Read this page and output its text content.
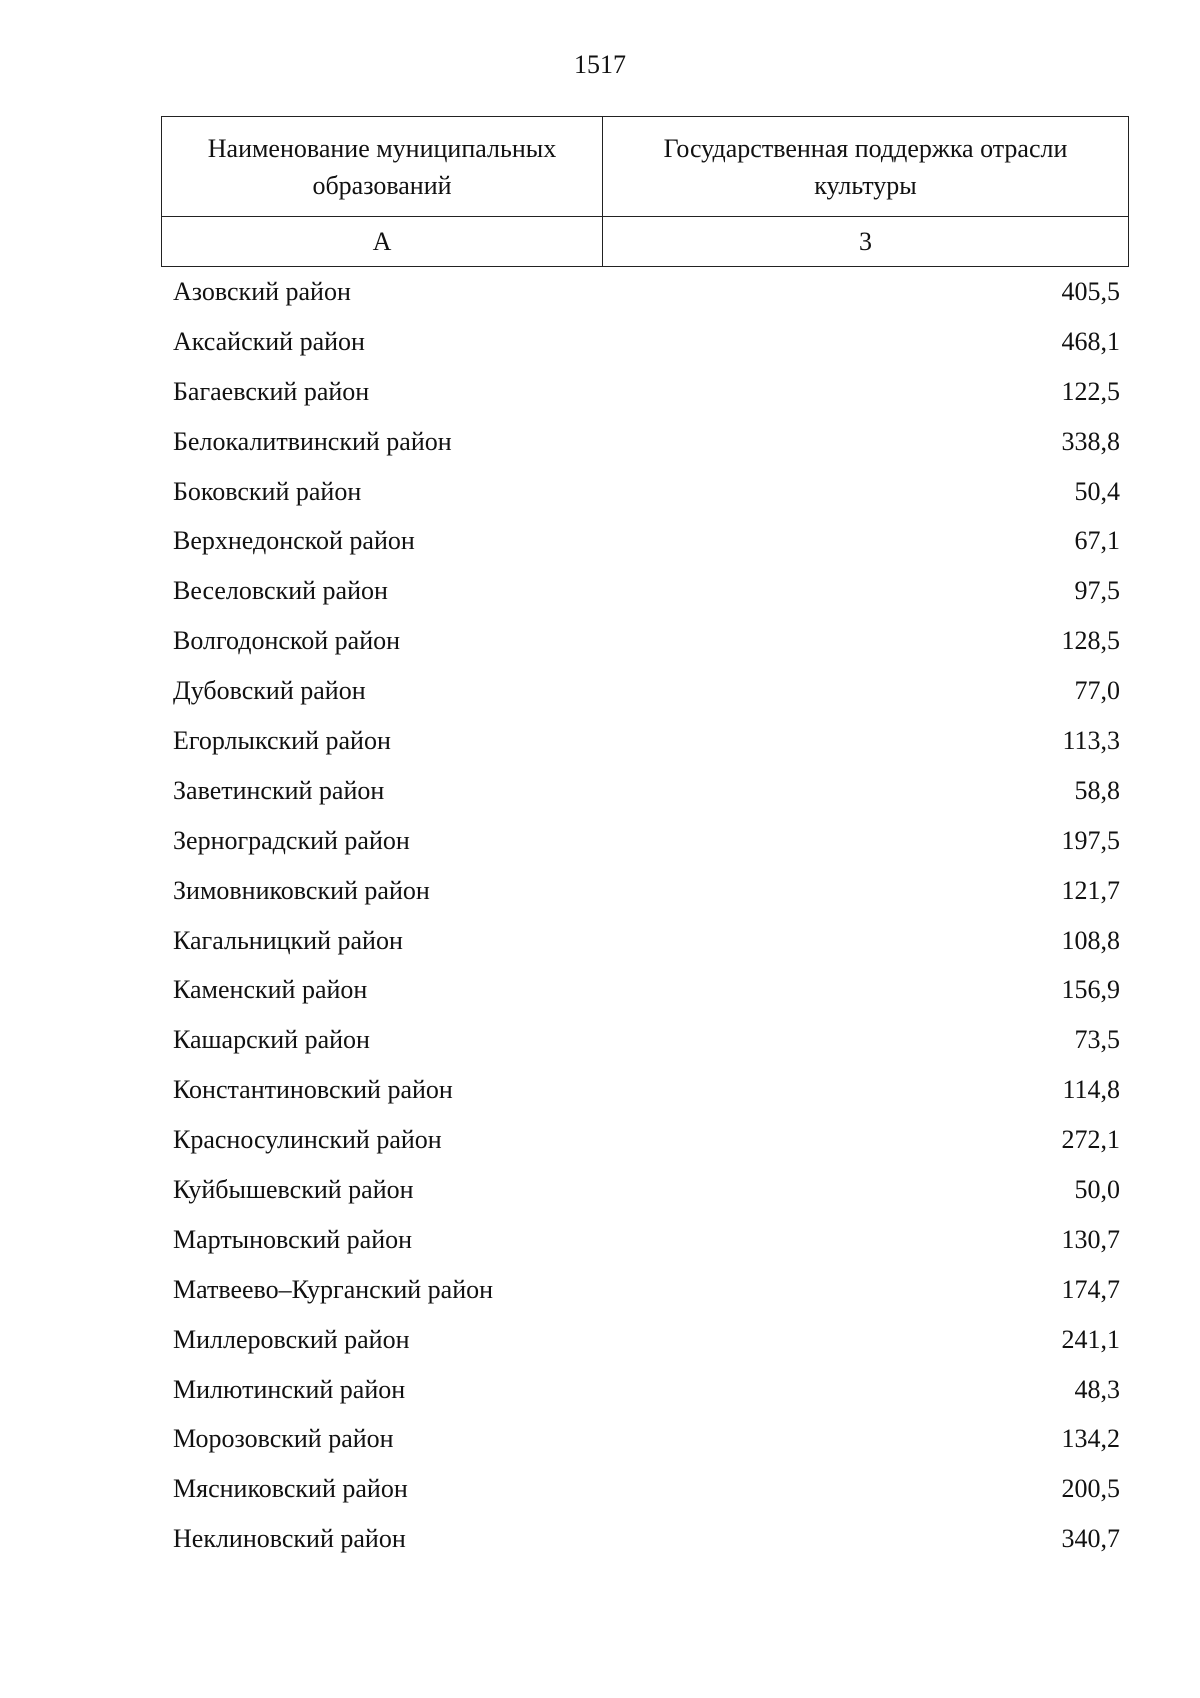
1517
Наименование муниципальных образований	Государственная поддержка отрасли культуры
А	3
Азовский район	405,5
Аксайский район	468,1
Багаевский район	122,5
Белокалитвинский район	338,8
Боковский район	50,4
Верхнедонской район	67,1
Веселовский район	97,5
Волгодонской район	128,5
Дубовский район	77,0
Егорлыкский район	113,3
Заветинский район	58,8
Зерноградский район	197,5
Зимовниковский район	121,7
Кагальницкий район	108,8
Каменский район	156,9
Кашарский район	73,5
Константиновский район	114,8
Красносулинский район	272,1
Куйбышевский район	50,0
Мартыновский район	130,7
Матвеево–Курганский район	174,7
Миллеровский район	241,1
Милютинский район	48,3
Морозовский район	134,2
Мясниковский район	200,5
Неклиновский район	340,7
